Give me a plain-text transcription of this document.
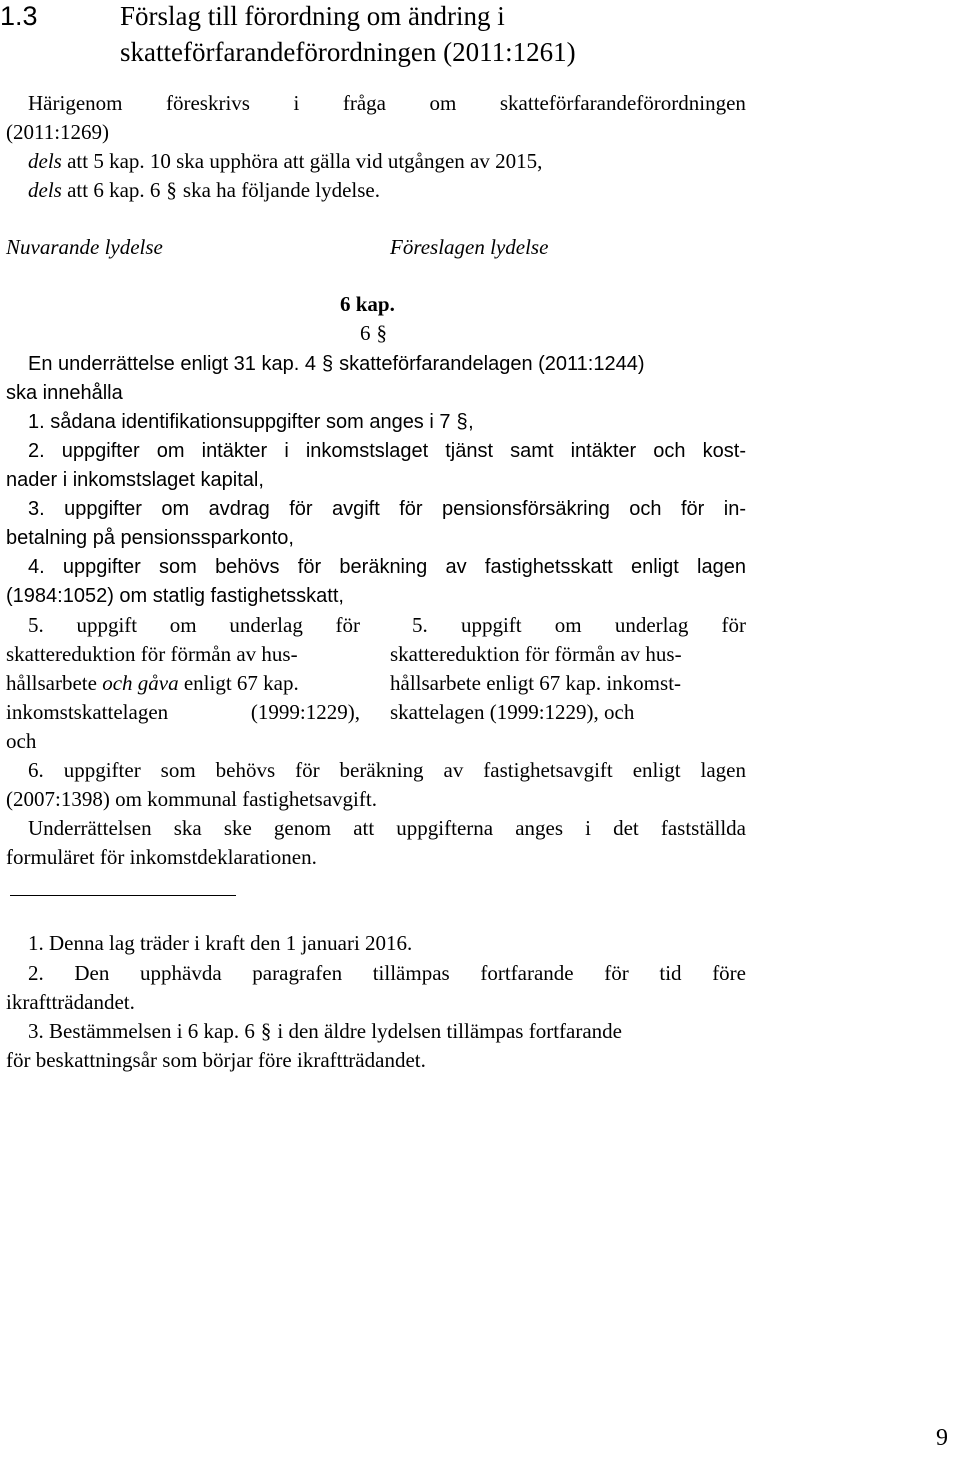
1.3	Förslag till förordning om ändring i
skatteförfarandeförordningen (2011:1261)
Härigenom föreskrivs i fråga om skatteförfarandeförordningen
(2011:1269)
dels att 5 kap. 10 ska upphöra att gälla vid utgången av 2015,
dels att 6 kap. 6 § ska ha följande lydelse.
Nuvarande lydelse	Föreslagen lydelse
6 kap.
6 §
En underrättelse enligt 31 kap. 4 § skatteförfarandelagen (2011:1244)
ska innehålla
1. sådana identifikationsuppgifter som anges i 7 §,
2. uppgifter om intäkter i inkomstslaget tjänst samt intäkter och kost-
nader i inkomstslaget kapital,
3. uppgifter om avdrag för avgift för pensionsförsäkring och för in-
betalning på pensionssparkonto,
4. uppgifter som behövs för beräkning av fastighetsskatt enligt lagen
(1984:1052) om statlig fastighetsskatt,
5. uppgift om underlag för
skattereduktion för förmån av hus-
hållsarbete och gåva enligt 67 kap.
inkomstskattelagen (1999:1229),
och
5. uppgift om underlag för
skattereduktion för förmån av hus-
hållsarbete enligt 67 kap. inkomst-
skattelagen (1999:1229), och
6. uppgifter som behövs för beräkning av fastighetsavgift enligt lagen
(2007:1398) om kommunal fastighetsavgift.
Underrättelsen ska ske genom att uppgifterna anges i det fastställda
formuläret för inkomstdeklarationen.
1. Denna lag träder i kraft den 1 januari 2016.
2. Den upphävda paragrafen tillämpas fortfarande för tid före
ikraftträdandet.
3. Bestämmelsen i 6 kap. 6 § i den äldre lydelsen tillämpas fortfarande
för beskattningsår som börjar före ikraftträdandet.
9
